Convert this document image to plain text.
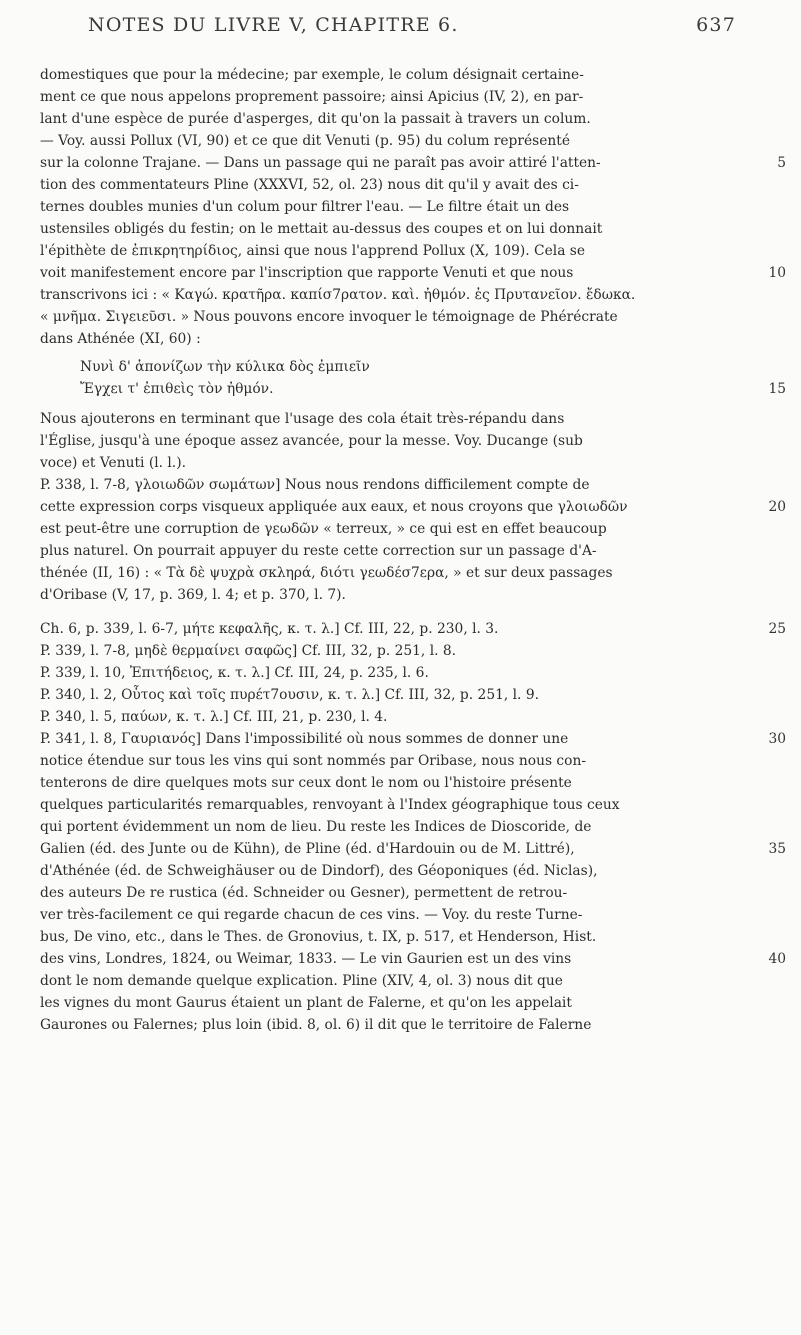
NOTES DU LIVRE V, CHAPITRE 6.	637
domestiques que pour la médecine; par exemple, le colum désignait certaine-
ment ce que nous appelons proprement passoire; ainsi Apicius (IV, 2), en par-
lant d'une espèce de purée d'asperges, dit qu'on la passait à travers un colum.
— Voy. aussi Pollux (VI, 90) et ce que dit Venuti (p. 95) du colum représenté
sur la colonne Trajane. — Dans un passage qui ne paraît pas avoir attiré l'atten-
tion des commentateurs Pline (XXXVI, 52, ol. 23) nous dit qu'il y avait des ci-
ternes doubles munies d'un colum pour filtrer l'eau. — Le filtre était un des
ustensiles obligés du festin; on le mettait au-dessus des coupes et on lui donnait
l'épithète de ἐπικρητηρίδιος, ainsi que nous l'apprend Pollux (X, 109). Cela se
voit manifestement encore par l'inscription que rapporte Venuti et que nous
transcrivons ici : « Καγώ. κρατῆρα. καπίσ7ρατον. καὶ. ἠθμόν. ἐς Πρυτανεῖον. ἔδωκα.
« μνῆμα. Σιγειεῦσι. » Nous pouvons encore invoquer le témoignage de Phérécrate
dans Athénée (XI, 60) :
Νυνὶ δ' ἀπονίζων τὴν κύλικα δὸς ἐμπιεῖν
Ἔγχει τ' ἐπιθεὶς τὸν ἠθμόν.
Nous ajouterons en terminant que l'usage des cola était très-répandu dans
l'Église, jusqu'à une époque assez avancée, pour la messe. Voy. Ducange (sub
voce) et Venuti (l. l.).
P. 338, l. 7-8, γλοιωδῶν σωμάτων] Nous nous rendons difficilement compte de
cette expression corps visqueux appliquée aux eaux, et nous croyons que γλοιωδῶν
est peut-être une corruption de γεωδῶν « terreux, » ce qui est en effet beaucoup
plus naturel. On pourrait appuyer du reste cette correction sur un passage d'A-
thénée (II, 16) : « Τὰ δὲ ψυχρὰ σκληρά, διότι γεωδέσ7ερα, » et sur deux passages
d'Oribase (V, 17, p. 369, l. 4; et p. 370, l. 7).
Ch. 6, p. 339, l. 6-7, μήτε κεφαλῆς, κ. τ. λ.] Cf. III, 22, p. 230, l. 3.
P. 339, l. 7-8, μηδὲ θερμαίνει σαφῶς] Cf. III, 32, p. 251, l. 8.
P. 339, l. 10, Ἐπιτήδειος, κ. τ. λ.] Cf. III, 24, p. 235, l. 6.
P. 340, l. 2, Οὗτος καὶ τοῖς πυρέτ7ουσιν, κ. τ. λ.] Cf. III, 32, p. 251, l. 9.
P. 340, l. 5, παύων, κ. τ. λ.] Cf. III, 21, p. 230, l. 4.
P. 341, l. 8, Γαυριανός] Dans l'impossibilité où nous sommes de donner une
notice étendue sur tous les vins qui sont nommés par Oribase, nous nous con-
tenterons de dire quelques mots sur ceux dont le nom ou l'histoire présente
quelques particularités remarquables, renvoyant à l'Index géographique tous ceux
qui portent évidemment un nom de lieu. Du reste les Indices de Dioscoride, de
Galien (éd. des Junte ou de Kühn), de Pline (éd. d'Hardouin ou de M. Littré),
d'Athénée (éd. de Schweighäuser ou de Dindorf), des Géoponiques (éd. Niclas),
des auteurs De re rustica (éd. Schneider ou Gesner), permettent de retrou-
ver très-facilement ce qui regarde chacun de ces vins. — Voy. du reste Turne-
bus, De vino, etc., dans le Thes. de Gronovius, t. IX, p. 517, et Henderson, Hist.
des vins, Londres, 1824, ou Weimar, 1833. — Le vin Gaurien est un des vins
dont le nom demande quelque explication. Pline (XIV, 4, ol. 3) nous dit que
les vignes du mont Gaurus étaient un plant de Falerne, et qu'on les appelait
Gaurones ou Falernes; plus loin (ibid. 8, ol. 6) il dit que le territoire de Falerne
5
10
15
20
25
30
35
40
